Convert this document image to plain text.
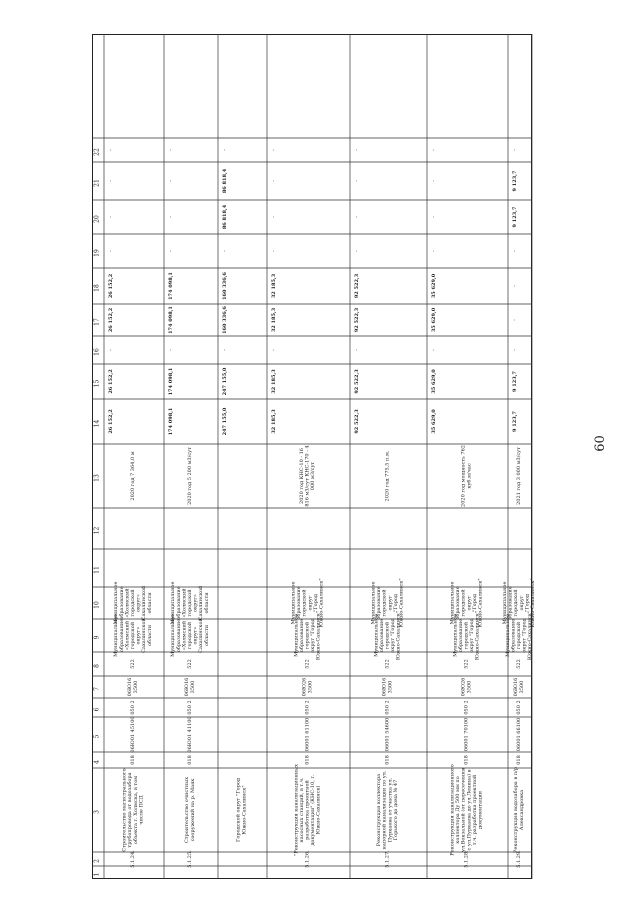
60
1
2
3
4
5
6
7
8
9
10
11
12
13
14
15
16
17
18
19
20
21
22
5.1.24.
Строительство магистральноготрубопровода от водозабораобъекта г. Холмска, в томчисле ПСД
018
06Ю01 45100
050 2
06Ю163500
522
Муниципальноеобразование«Холмскийгородскойокруг»Сахалинскойобласти
Муниципальноеобразование«Холмскийгородскойокруг»Сахалинскойобласти
2020 год 7 364,0 м
26 152,2
26 152,2
-
26 152,2
26 152,2
-
-
-
-
5.1.25.
Строительство очистныхсооружений на р. Маяк
018
06Ю01 41100
050 2
06Ю163500
522
Муниципальноеобразование«Холмскийгородскойокруг»Сахалинскойобласти
Муниципальноеобразование«Холмскийгородскойокруг»Сахалинскойобласти
2020 год 5 200 м3/сут
174 098,1
174 098,1
-
174 098,1
174 098,1
-
-
-
-
Городской округ "ГородЮжно-Сахалинск"
247 155,0
247 155,0
-
160 336,6
160 336,6
-
86 818,4
86 818,4
-
5.1.26.
"Реконструкция канализационныхнасосных станций, в т.ч.разработка проектнойдокументации" (КНС-10, г.Южно-Сахалинск)
018
06001 61100
050 2
06Ю263500
522
Муниципальноеобразованиегородскойокруг "ГородЮжно-Сахалинск"
Муниципальноеобразованиегородскойокруг"ГородЮжно-Сахалинск"
2020 год КНС-10 - 16816 м3/сут КНС-170 - 4000 м3/сут
32 185,3
32 185,3
-
32 185,3
32 185,3
-
-
-
-
5.1.27.
Реконструкция коллекторанапорной канализации по ул.Пуркаева от участка ул.Горького до дома № 47
018
06001 54600
050 2
06Ю163500
522
Муниципальноеобразованиегородскойокруг "ГородЮжно-Сахалинск"
Муниципальноеобразованиегородскойокруг"ГородЮжно-Сахалинск"
2020 год 775,5 п.м.
92 522,3
92 522,3
-
92 522,3
92 522,3
-
-
-
-
5.1.28.
Реконструкция канализационногоколлектора Ду 500 мм поул.Вокзальной (от пересеченияс ул.Пуркаева до ул.Ленина) вт.ч. разработка проектнойдокументации
018
06001 70100
050 2
06Ю263500
522
Муниципальноеобразованиегородскойокруг "ГородЮжно-Сахалинск"
Муниципальноеобразованиегородскойокруг"ГородЮжно-Сахалинск"
2020 год мощность 762куб.м/час
35 629,0
35 629,0
-
35 629,0
35 629,0
-
-
-
-
5.1.29.
Реконструкция водозабора в п/рАлександровка
018
06001 66100
050 2
06Ю163500
522
Муниципальноеобразованиегородскойокруг "ГородЮжно-Сахалинск"
Муниципальноеобразованиегородскойокруг"ГородЮжно-Сахалинск"
2021 год 3 000 м3/сут
9 123,7
9 123,7
-
-
-
-
9 123,7
9 123,7
-
